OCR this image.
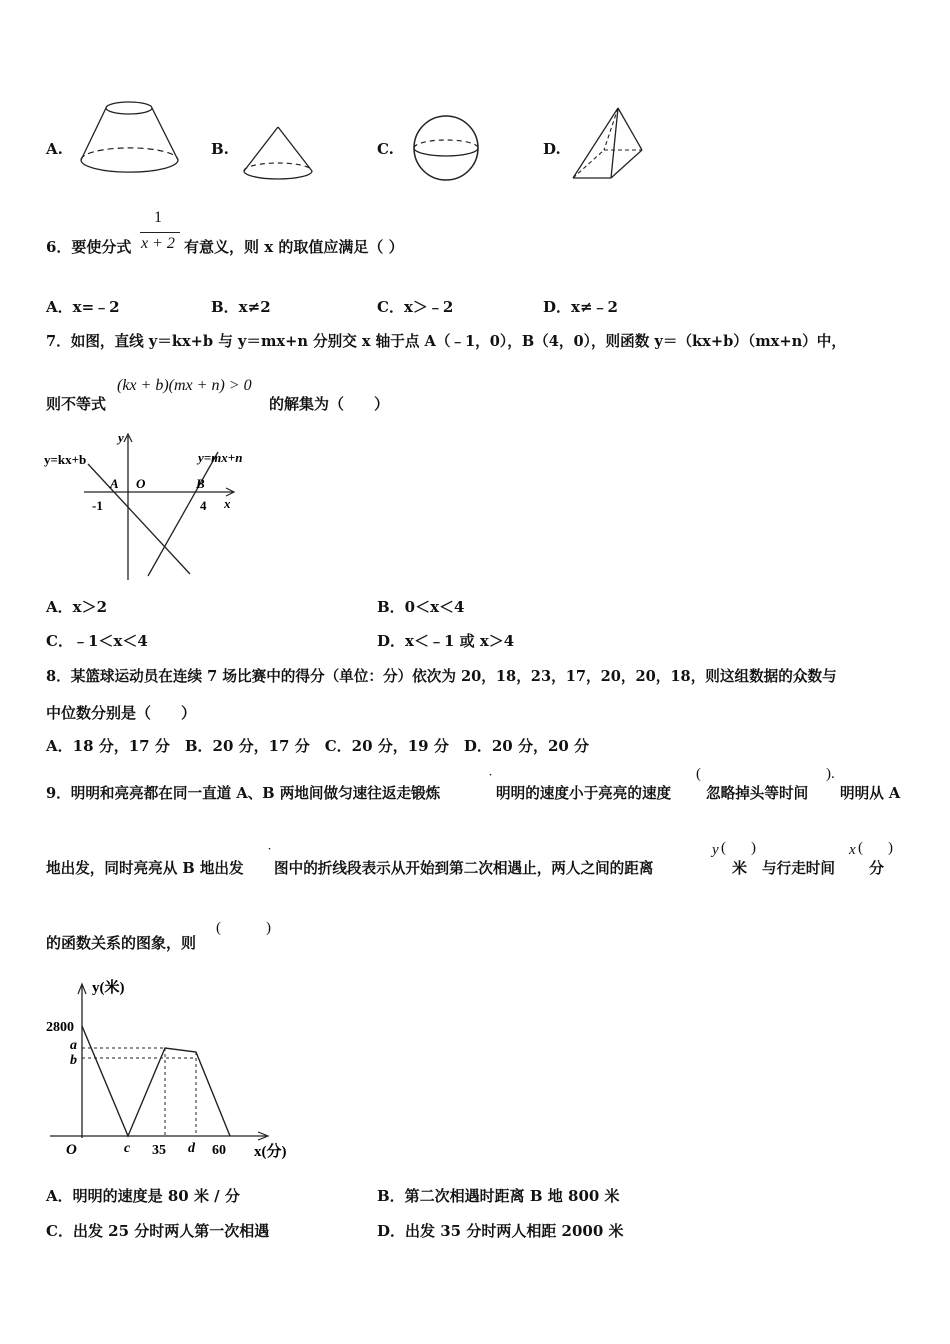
A.	B.	C.	D.
6．要使分式
1
x + 2 有意义，则 x 的取值应满足（ ）
A．x=﹣2	B．x≠2	C．x＞﹣2	D．x≠﹣2
7．如图，直线 y＝kx+b 与 y＝mx+n 分别交 x 轴于点 A（﹣1，0），B（4，0），则函数 y＝（kx+b）（mx+n）中，
则不等式
(kx + b)(mx + n) > 0
的解集为（　　）
y=kx+b	y=mx+n
y
x
A O	B
-1	4
A．x＞2	B．0＜x＜4
C．﹣1＜x＜4	D．x＜﹣1 或 x＞4
8．某篮球运动员在连续 7 场比赛中的得分（单位：分）依次为 20，18，23，17，20，20，18，则这组数据的众数与
中位数分别是（　　）
A．18 分，17 分　B．20 分，17 分　C．20 分，19 分　D．20 分，20 分
9．明明和亮亮都在同一直道 A、B 两地间做匀速往返走锻炼
˙
明明的速度小于亮亮的速度
(
忽略掉头等时间
).
明明从 A
地出发，同时亮亮从 B 地出发
˙
图中的折线段表示从开始到第二次相遇止，两人之间的距离
y (
米
)
与行走时间
x (
分
)
的函数关系的图象，则
(　　　)
y(米)
x(分)
2800
a
b
O	c 35 d 60
A．明明的速度是 80 米 / 分	B．第二次相遇时距离 B 地 800 米
C．出发 25 分时两人第一次相遇	D．出发 35 分时两人相距 2000 米
